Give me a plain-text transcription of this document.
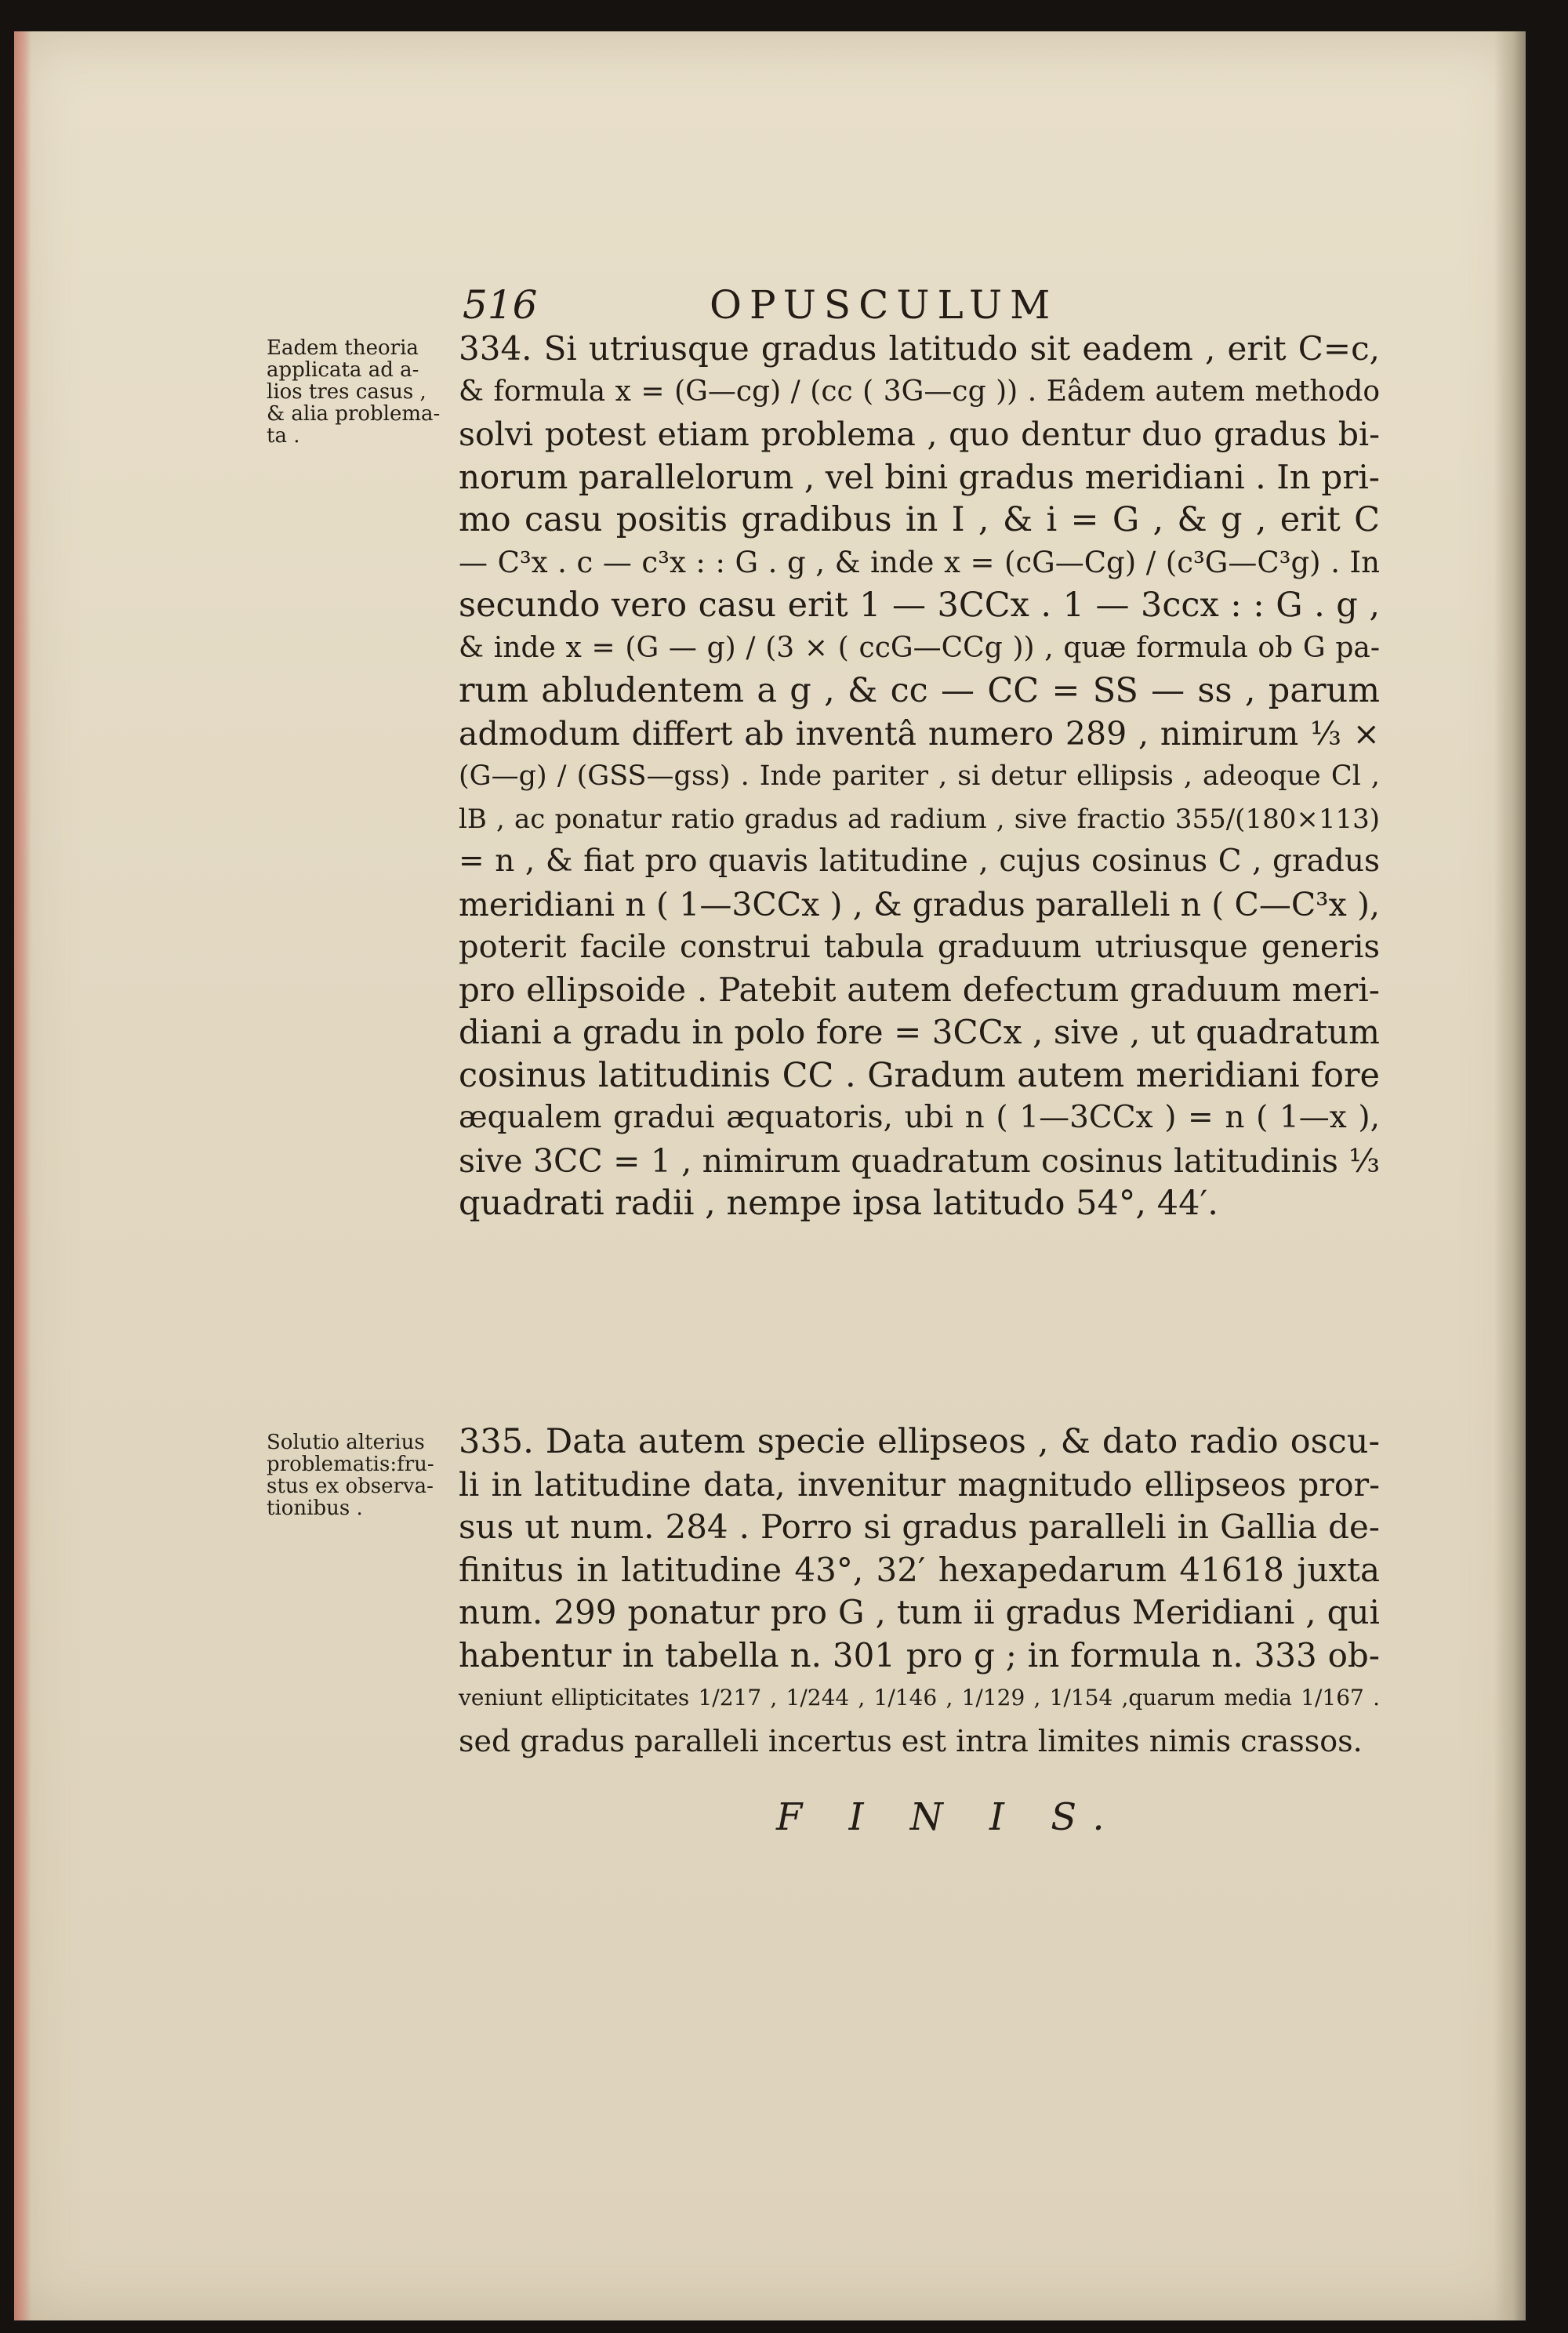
516	OPUSCULUM
Eadem theoria
applicata ad a-
lios tres casus ,
& alia problema-
ta .
Solutio alterius
problematis:fru-
stus ex observa-
tionibus .
334. Si utriusque gradus latitudo sit eadem , erit C=c,
& formula x = (G—cg) / (cc ( 3G—cg )) . Eâdem autem methodo
solvi potest etiam problema , quo dentur duo gradus bi-
norum parallelorum , vel bini gradus meridiani . In pri-
mo casu positis gradibus in I , & i = G , & g , erit C
— C³x . c — c³x : : G . g , & inde x = (cG—Cg) / (c³G—C³g) . In
secundo vero casu erit 1 — 3CCx . 1 — 3ccx : : G . g ,
& inde x = (G — g) / (3 × ( ccG—CCg )) , quæ formula ob G pa-
rum abludentem a g , & cc — CC = SS — ss , parum
admodum differt ab inventâ numero 289 , nimirum ⅓ ×
(G—g) / (GSS—gss) . Inde pariter , si detur ellipsis , adeoque Cl ,
lB , ac ponatur ratio gradus ad radium , sive fractio 355/(180×113)
= n , & fiat pro quavis latitudine , cujus cosinus C , gradus
meridiani n ( 1—3CCx ) , & gradus paralleli n ( C—C³x ),
poterit facile construi tabula graduum utriusque generis
pro ellipsoide . Patebit autem defectum graduum meri-
diani a gradu in polo fore = 3CCx , sive , ut quadratum
cosinus latitudinis CC . Gradum autem meridiani fore
æqualem gradui æquatoris, ubi n ( 1—3CCx ) = n ( 1—x ),
sive 3CC = 1 , nimirum quadratum cosinus latitudinis ⅓
quadrati radii , nempe ipsa latitudo 54°, 44′.
335. Data autem specie ellipseos , & dato radio oscu-
li in latitudine data, invenitur magnitudo ellipseos pror-
sus ut num. 284 . Porro si gradus paralleli in Gallia de-
finitus in latitudine 43°, 32′ hexapedarum 41618 juxta
num. 299 ponatur pro G , tum ii gradus Meridiani , qui
habentur in tabella n. 301 pro g ; in formula n. 333 ob-
veniunt ellipticitates 1/217 , 1/244 , 1/146 , 1/129 , 1/154 ,quarum media 1/167 .
sed gradus paralleli incertus est intra limites nimis crassos.
F I N I S.
